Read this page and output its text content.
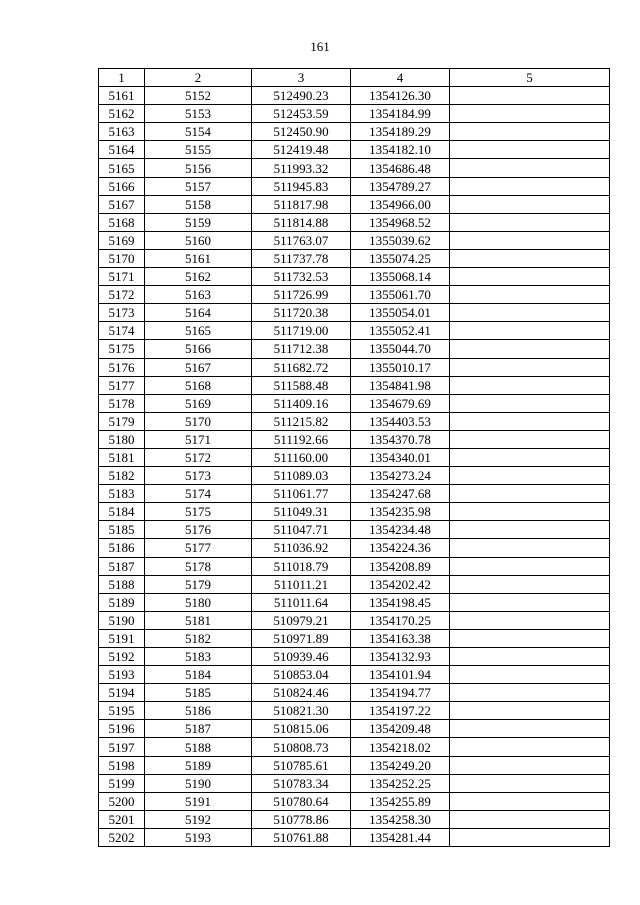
161
1	2	3	4	5
5161	5152	512490.23	1354126.30	
5162	5153	512453.59	1354184.99	
5163	5154	512450.90	1354189.29	
5164	5155	512419.48	1354182.10	
5165	5156	511993.32	1354686.48	
5166	5157	511945.83	1354789.27	
5167	5158	511817.98	1354966.00	
5168	5159	511814.88	1354968.52	
5169	5160	511763.07	1355039.62	
5170	5161	511737.78	1355074.25	
5171	5162	511732.53	1355068.14	
5172	5163	511726.99	1355061.70	
5173	5164	511720.38	1355054.01	
5174	5165	511719.00	1355052.41	
5175	5166	511712.38	1355044.70	
5176	5167	511682.72	1355010.17	
5177	5168	511588.48	1354841.98	
5178	5169	511409.16	1354679.69	
5179	5170	511215.82	1354403.53	
5180	5171	511192.66	1354370.78	
5181	5172	511160.00	1354340.01	
5182	5173	511089.03	1354273.24	
5183	5174	511061.77	1354247.68	
5184	5175	511049.31	1354235.98	
5185	5176	511047.71	1354234.48	
5186	5177	511036.92	1354224.36	
5187	5178	511018.79	1354208.89	
5188	5179	511011.21	1354202.42	
5189	5180	511011.64	1354198.45	
5190	5181	510979.21	1354170.25	
5191	5182	510971.89	1354163.38	
5192	5183	510939.46	1354132.93	
5193	5184	510853.04	1354101.94	
5194	5185	510824.46	1354194.77	
5195	5186	510821.30	1354197.22	
5196	5187	510815.06	1354209.48	
5197	5188	510808.73	1354218.02	
5198	5189	510785.61	1354249.20	
5199	5190	510783.34	1354252.25	
5200	5191	510780.64	1354255.89	
5201	5192	510778.86	1354258.30	
5202	5193	510761.88	1354281.44	
